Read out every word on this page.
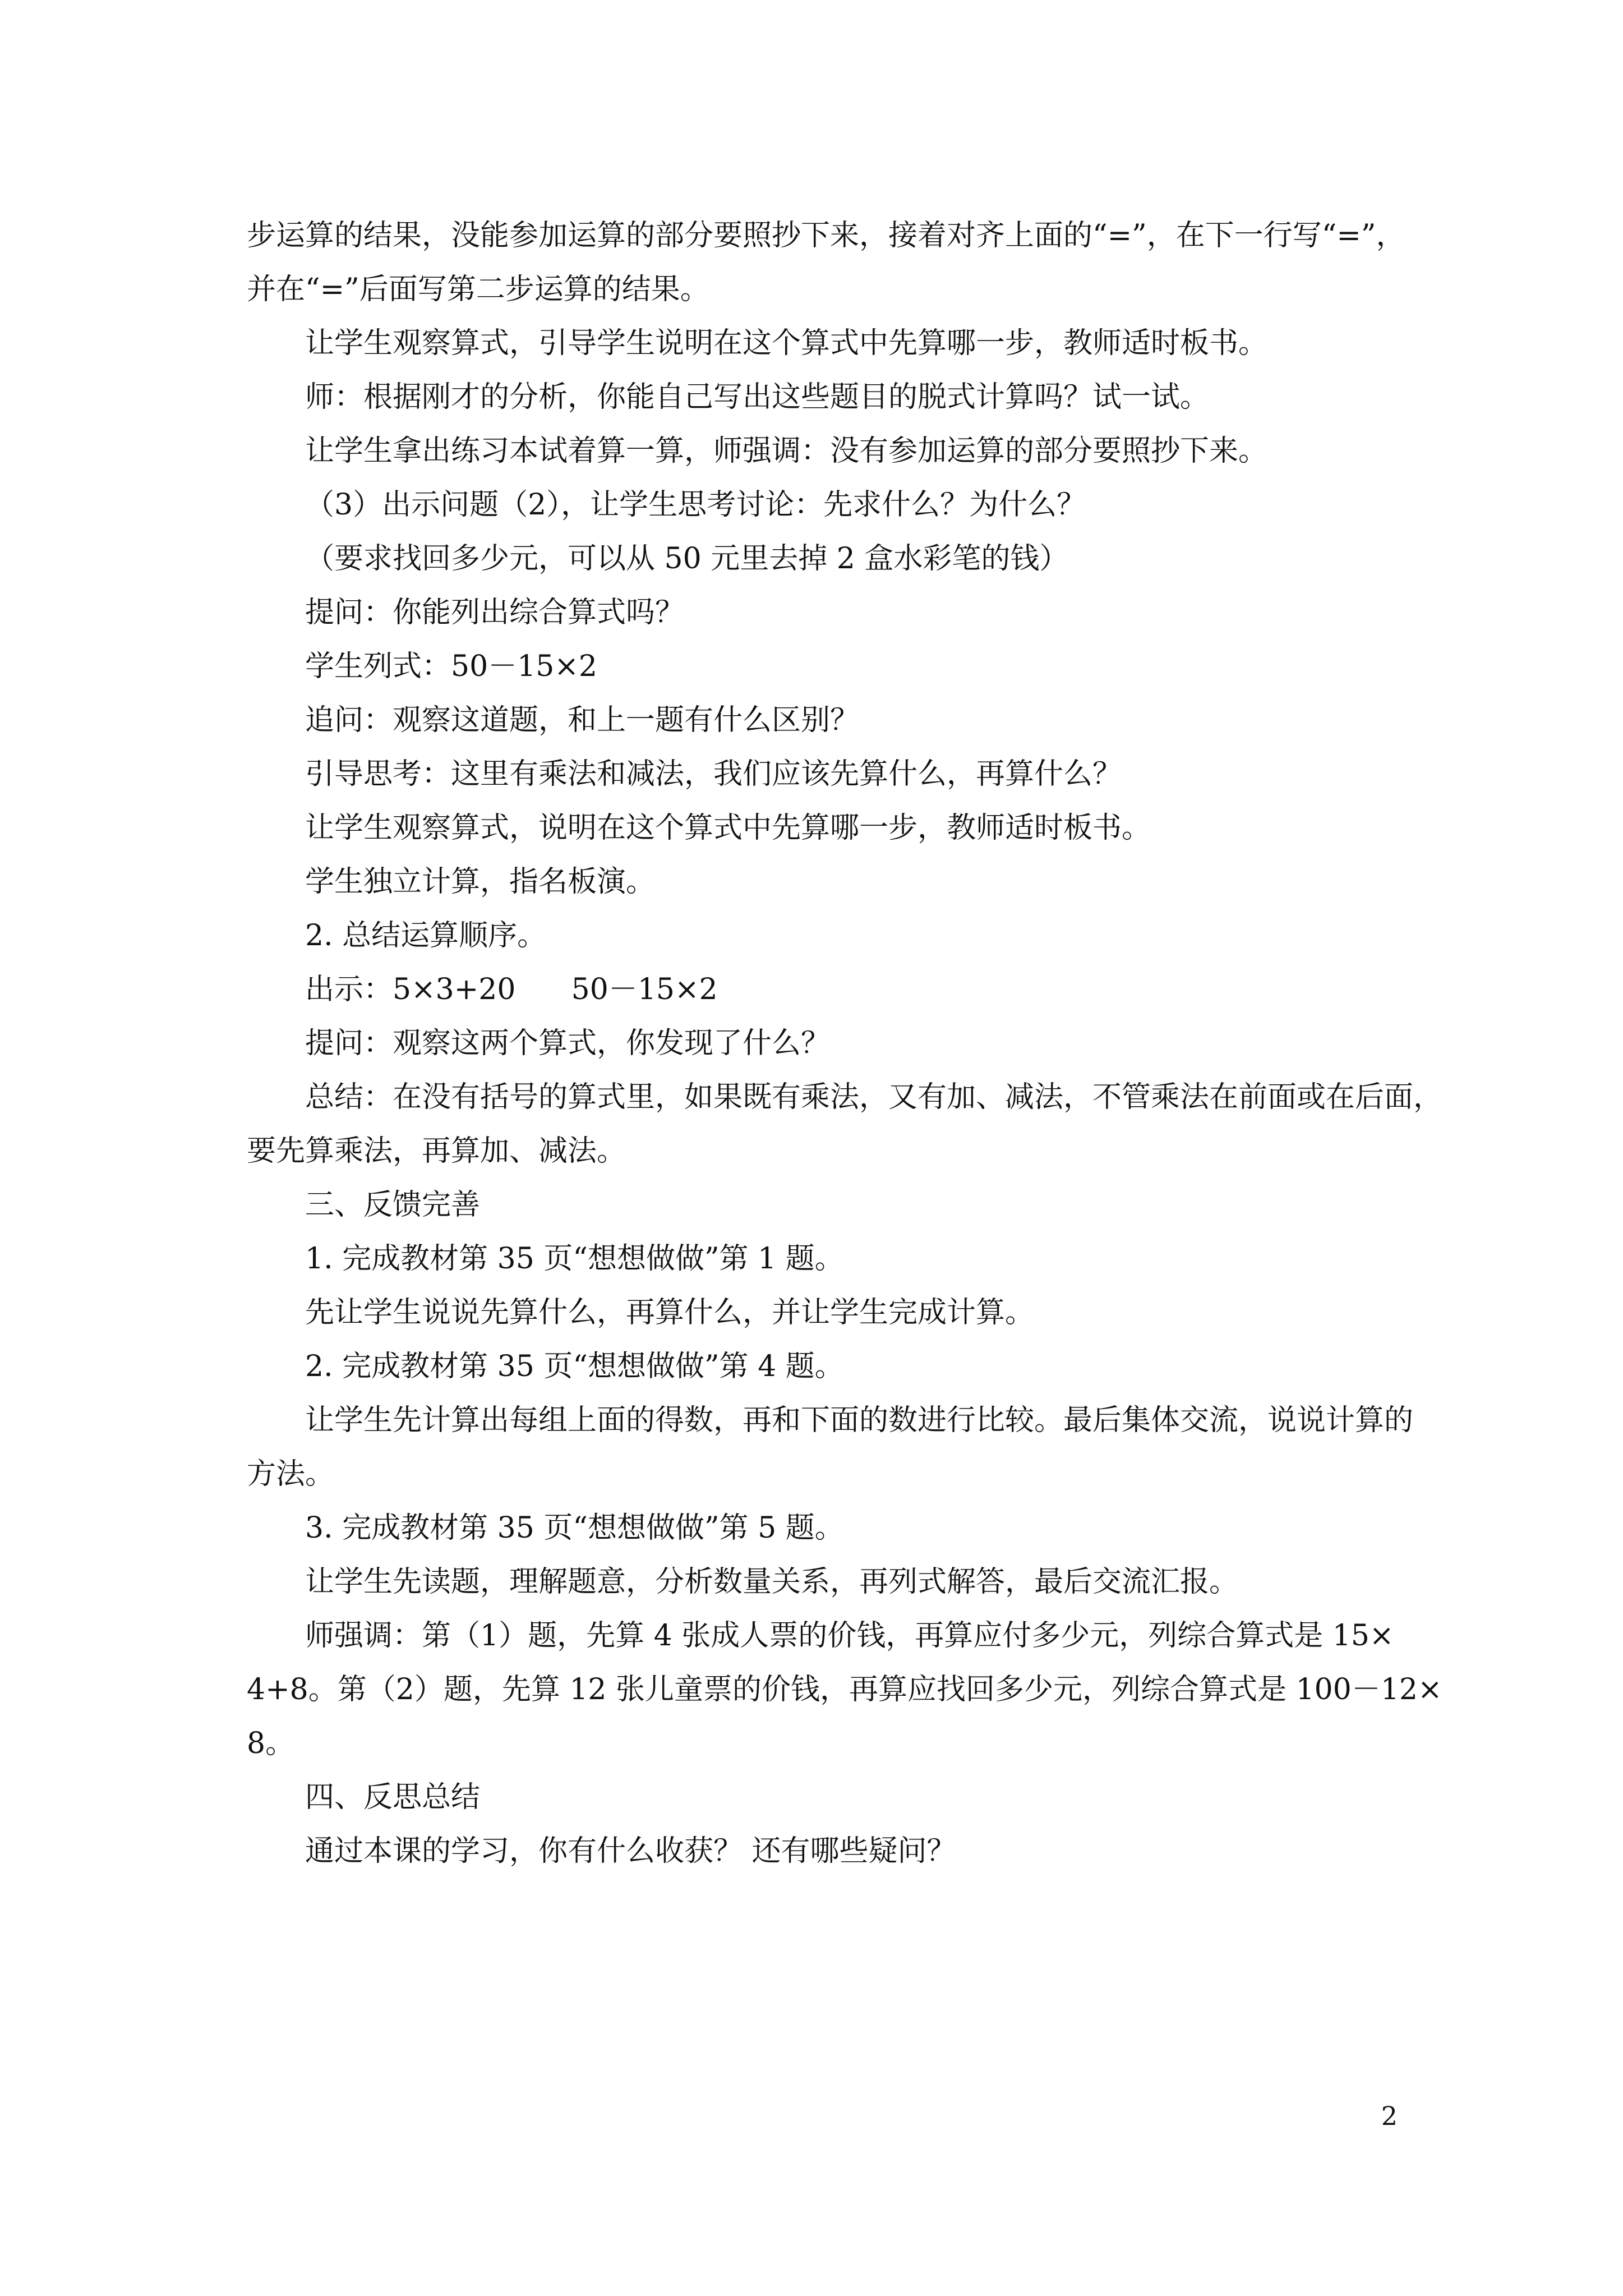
步运算的结果，没能参加运算的部分要照抄下来，接着对齐上面的“=”，在下一行写“=”，

并在“=”后面写第二步运算的结果。

让学生观察算式，引导学生说明在这个算式中先算哪一步，教师适时板书。

师：根据刚才的分析，你能自己写出这些题目的脱式计算吗？试一试。

让学生拿出练习本试着算一算，师强调：没有参加运算的部分要照抄下来。

（3）出示问题（2），让学生思考讨论：先求什么？为什么？

（要求找回多少元，可以从 50 元里去掉 2 盒水彩笔的钱）

提问：你能列出综合算式吗？

学生列式：50－15×2

追问：观察这道题，和上一题有什么区别？

引导思考：这里有乘法和减法，我们应该先算什么，再算什么？

让学生观察算式，说明在这个算式中先算哪一步，教师适时板书。

学生独立计算，指名板演。

2. 总结运算顺序。

出示：5×3+20      50－15×2

提问：观察这两个算式，你发现了什么？

总结：在没有括号的算式里，如果既有乘法，又有加、减法，不管乘法在前面或在后面，

要先算乘法，再算加、减法。

三、反馈完善

1. 完成教材第 35 页“想想做做”第 1 题。

先让学生说说先算什么，再算什么，并让学生完成计算。

2. 完成教材第 35 页“想想做做”第 4 题。

让学生先计算出每组上面的得数，再和下面的数进行比较。最后集体交流，说说计算的

方法。

3. 完成教材第 35 页“想想做做”第 5 题。

让学生先读题，理解题意，分析数量关系，再列式解答，最后交流汇报。

师强调：第（1）题，先算 4 张成人票的价钱，再算应付多少元，列综合算式是 15×

4+8。第（2）题，先算 12 张儿童票的价钱，再算应找回多少元，列综合算式是 100－12×

8。

四、反思总结

通过本课的学习，你有什么收获？ 还有哪些疑问？

2
